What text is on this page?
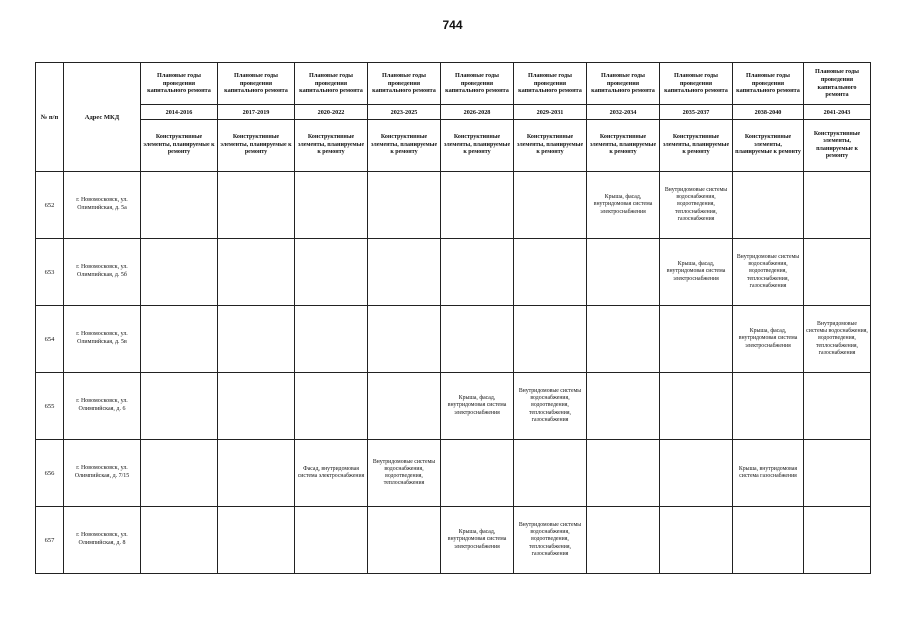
744
№ п/п	Адрес МКД	Плановые годы проведения капитального ремонта	Плановые годы проведения капитального ремонта	Плановые годы проведения капитального ремонта	Плановые годы проведения капитального ремонта	Плановые годы проведения капитального ремонта	Плановые годы проведения капитального ремонта	Плановые годы проведения капитального ремонта	Плановые годы проведения капитального ремонта	Плановые годы проведения капитального ремонта	Плановые годы проведения капитального ремонта
		2014-2016	2017-2019	2020-2022	2023-2025	2026-2028	2029-2031	2032-2034	2035-2037	2038-2040	2041-2043
		Конструктивные элементы, планируемые к ремонту	Конструктивные элементы, планируемые к ремонту	Конструктивные элементы, планируемые к ремонту	Конструктивные элементы, планируемые к ремонту	Конструктивные элементы, планируемые к ремонту	Конструктивные элементы, планируемые к ремонту	Конструктивные элементы, планируемые к ремонту	Конструктивные элементы, планируемые к ремонту	Конструктивные элементы, планируемые к ремонту	Конструктивные элементы, планируемые к ремонту
652	г. Новомосковск, ул. Олимпийская, д. 5а							Крыша, фасад, внутридомовая система электроснабжения	Внутридомовые системы водоснабжения, водоотведения, теплоснабжения, газоснабжения		
653	г. Новомосковск, ул. Олимпийская, д. 5б								Крыша, фасад, внутридомовая система электроснабжения	Внутридомовые системы водоснабжения, водоотведения, теплоснабжения, газоснабжения	
654	г. Новомосковск, ул. Олимпийская, д. 5в									Крыша, фасад, внутридомовая система электроснабжения	Внутридомовые системы водоснабжения, водоотведения, теплоснабжения, газоснабжения
655	г. Новомосковск, ул. Олимпийская, д. 6					Крыша, фасад, внутридомовая система электроснабжения	Внутридомовые системы водоснабжения, водоотведения, теплоснабжения, газоснабжения				
656	г. Новомосковск, ул. Олимпийская, д. 7/15			Фасад, внутридомовая система электроснабжения	Внутридомовые системы водоснабжения, водоотведения, теплоснабжения					Крыша, внутридомовая система газоснабжения	
657	г. Новомосковск, ул. Олимпийская, д. 8					Крыша, фасад, внутридомовая система электроснабжения	Внутридомовые системы водоснабжения, водоотведения, теплоснабжения, газоснабжения				
